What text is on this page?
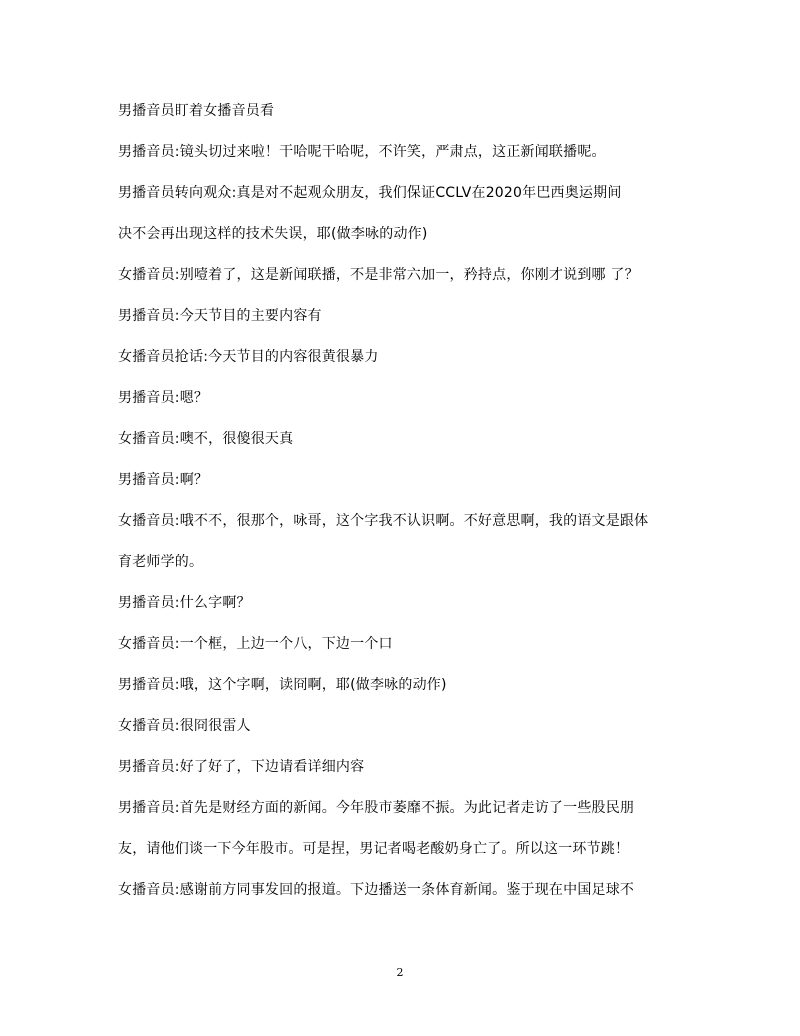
男播音员盯着女播音员看
男播音员:镜头切过来啦！干哈呢干哈呢，不许笑，严肃点，这正新闻联播呢。
男播音员转向观众:真是对不起观众朋友，我们保证CCLV在2020年巴西奥运期间
决不会再出现这样的技术失误，耶(做李咏的动作)
女播音员:别噎着了，这是新闻联播，不是非常六加一，矜持点，你刚才说到哪 了？
男播音员:今天节目的主要内容有
女播音员抢话:今天节目的内容很黄很暴力
男播音员:嗯？
女播音员:噢不，很傻很天真
男播音员:啊？
女播音员:哦不不，很那个，咏哥，这个字我不认识啊。不好意思啊，我的语文是跟体
育老师学的。
男播音员:什么字啊？
女播音员:一个框，上边一个八，下边一个口
男播音员:哦，这个字啊，读冏啊，耶(做李咏的动作)
女播音员:很冏很雷人
男播音员:好了好了，下边请看详细内容
男播音员:首先是财经方面的新闻。今年股市萎靡不振。为此记者走访了一些股民朋
友，请他们谈一下今年股市。可是捏，男记者喝老酸奶身亡了。所以这一环节跳！
女播音员:感谢前方同事发回的报道。下边播送一条体育新闻。鉴于现在中国足球不
2
